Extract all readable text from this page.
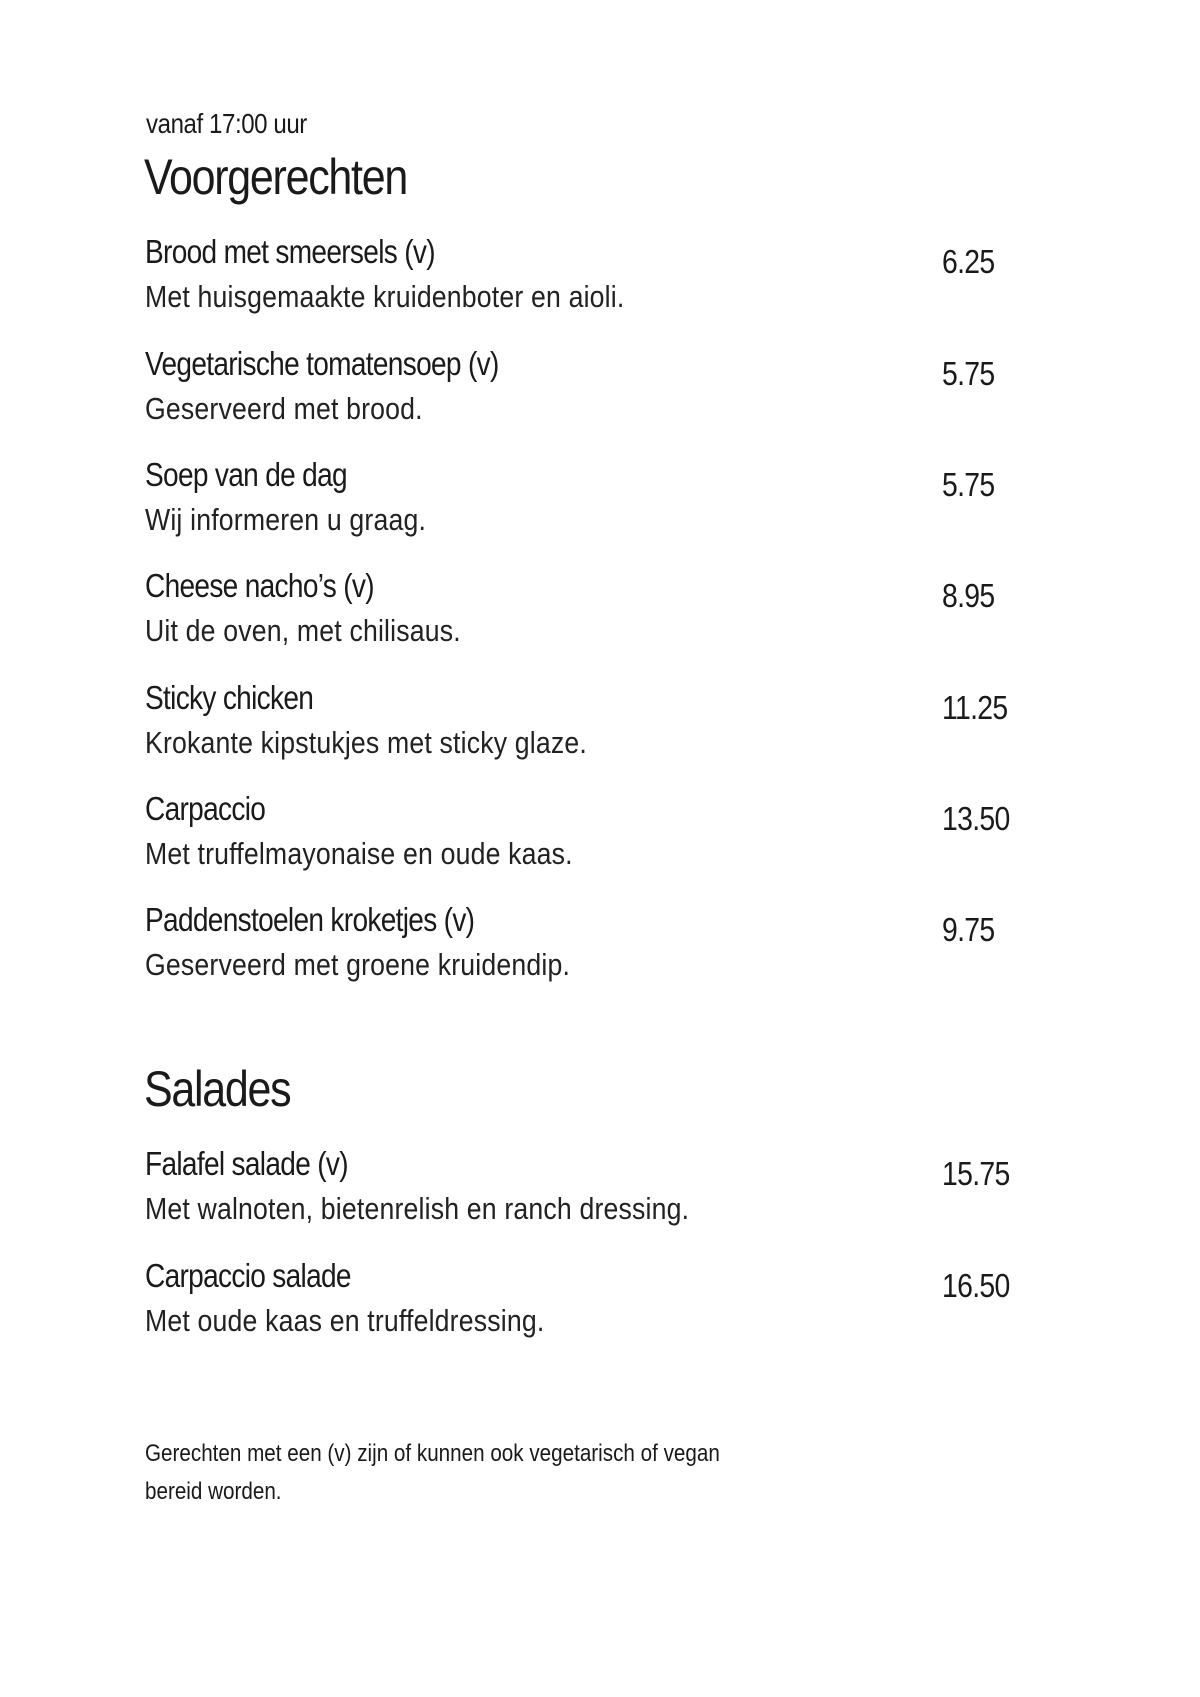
vanaf 17:00 uur
Voorgerechten
Brood met smeersels (v)
Met huisgemaakte kruidenboter en aioli.
6.25
Vegetarische tomatensoep (v)
Geserveerd met brood.
5.75
Soep van de dag
Wij informeren u graag.
5.75
Cheese nacho’s (v)
Uit de oven, met chilisaus.
8.95
Sticky chicken
Krokante kipstukjes met sticky glaze.
11.25
Carpaccio
Met truffelmayonaise en oude kaas.
13.50
Paddenstoelen kroketjes (v)
Geserveerd met groene kruidendip.
9.75
Salades
Falafel salade (v)
Met walnoten, bietenrelish en ranch dressing.
15.75
Carpaccio salade
Met oude kaas en truffeldressing.
16.50
Gerechten met een (v) zijn of kunnen ook vegetarisch of vegan bereid worden.
